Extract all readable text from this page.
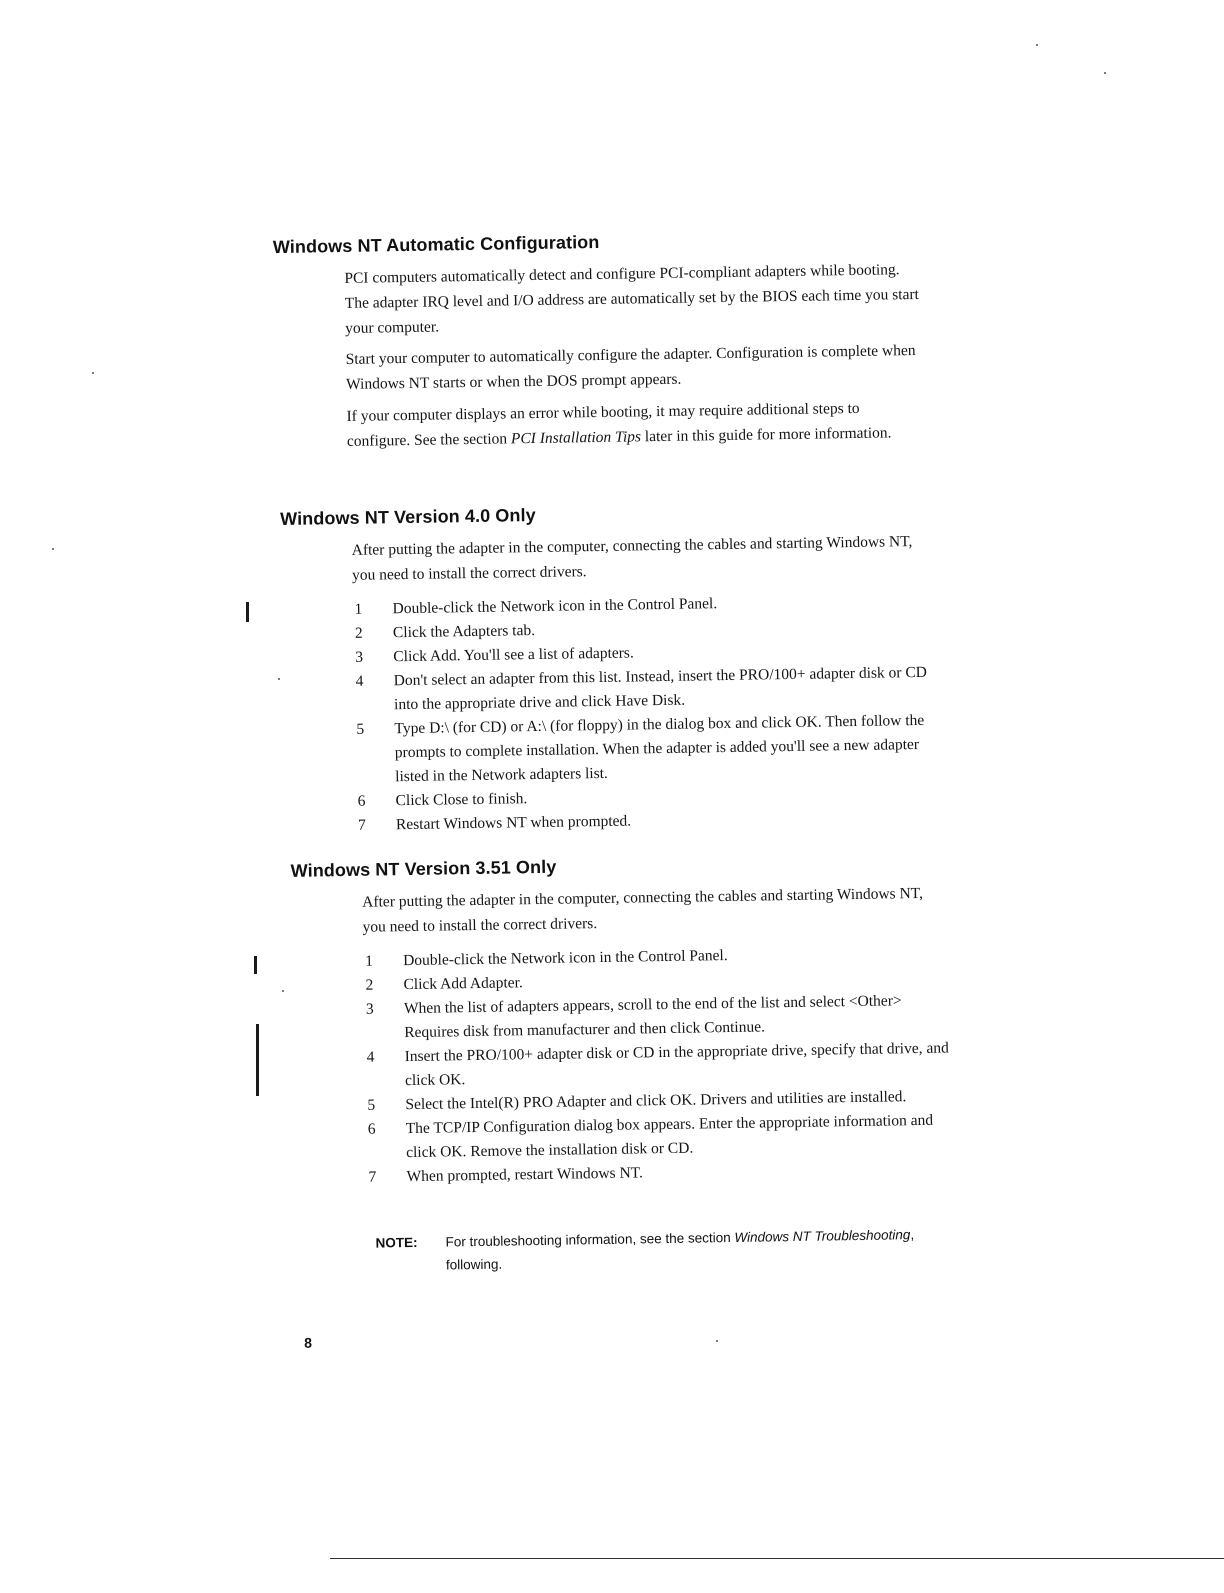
Windows NT Automatic Configuration

PCI computers automatically detect and configure PCI-compliant adapters while booting. The adapter IRQ level and I/O address are automatically set by the BIOS each time you start your computer.

Start your computer to automatically configure the adapter. Configuration is complete when Windows NT starts or when the DOS prompt appears.

If your computer displays an error while booting, it may require additional steps to configure. See the section PCI Installation Tips later in this guide for more information.

Windows NT Version 4.0 Only

After putting the adapter in the computer, connecting the cables and starting Windows NT, you need to install the correct drivers.

1	Double-click the Network icon in the Control Panel.
2	Click the Adapters tab.
3	Click Add. You'll see a list of adapters.
4	Don't select an adapter from this list. Instead, insert the PRO/100+ adapter disk or CD into the appropriate drive and click Have Disk.
5	Type D:\ (for CD) or A:\ (for floppy) in the dialog box and click OK. Then follow the prompts to complete installation. When the adapter is added you'll see a new adapter listed in the Network adapters list.
6	Click Close to finish.
7	Restart Windows NT when prompted.
Windows NT Version 3.51 Only

After putting the adapter in the computer, connecting the cables and starting Windows NT, you need to install the correct drivers.

1	Double-click the Network icon in the Control Panel.
2	Click Add Adapter.
3	When the list of adapters appears, scroll to the end of the list and select <Other> Requires disk from manufacturer and then click Continue.
4	Insert the PRO/100+ adapter disk or CD in the appropriate drive, specify that drive, and click OK.
5	Select the Intel(R) PRO Adapter and click OK. Drivers and utilities are installed.
6	The TCP/IP Configuration dialog box appears. Enter the appropriate information and click OK. Remove the installation disk or CD.
7	When prompted, restart Windows NT.
NOTE:	For troubleshooting information, see the section Windows NT Troubleshooting, following.
8
